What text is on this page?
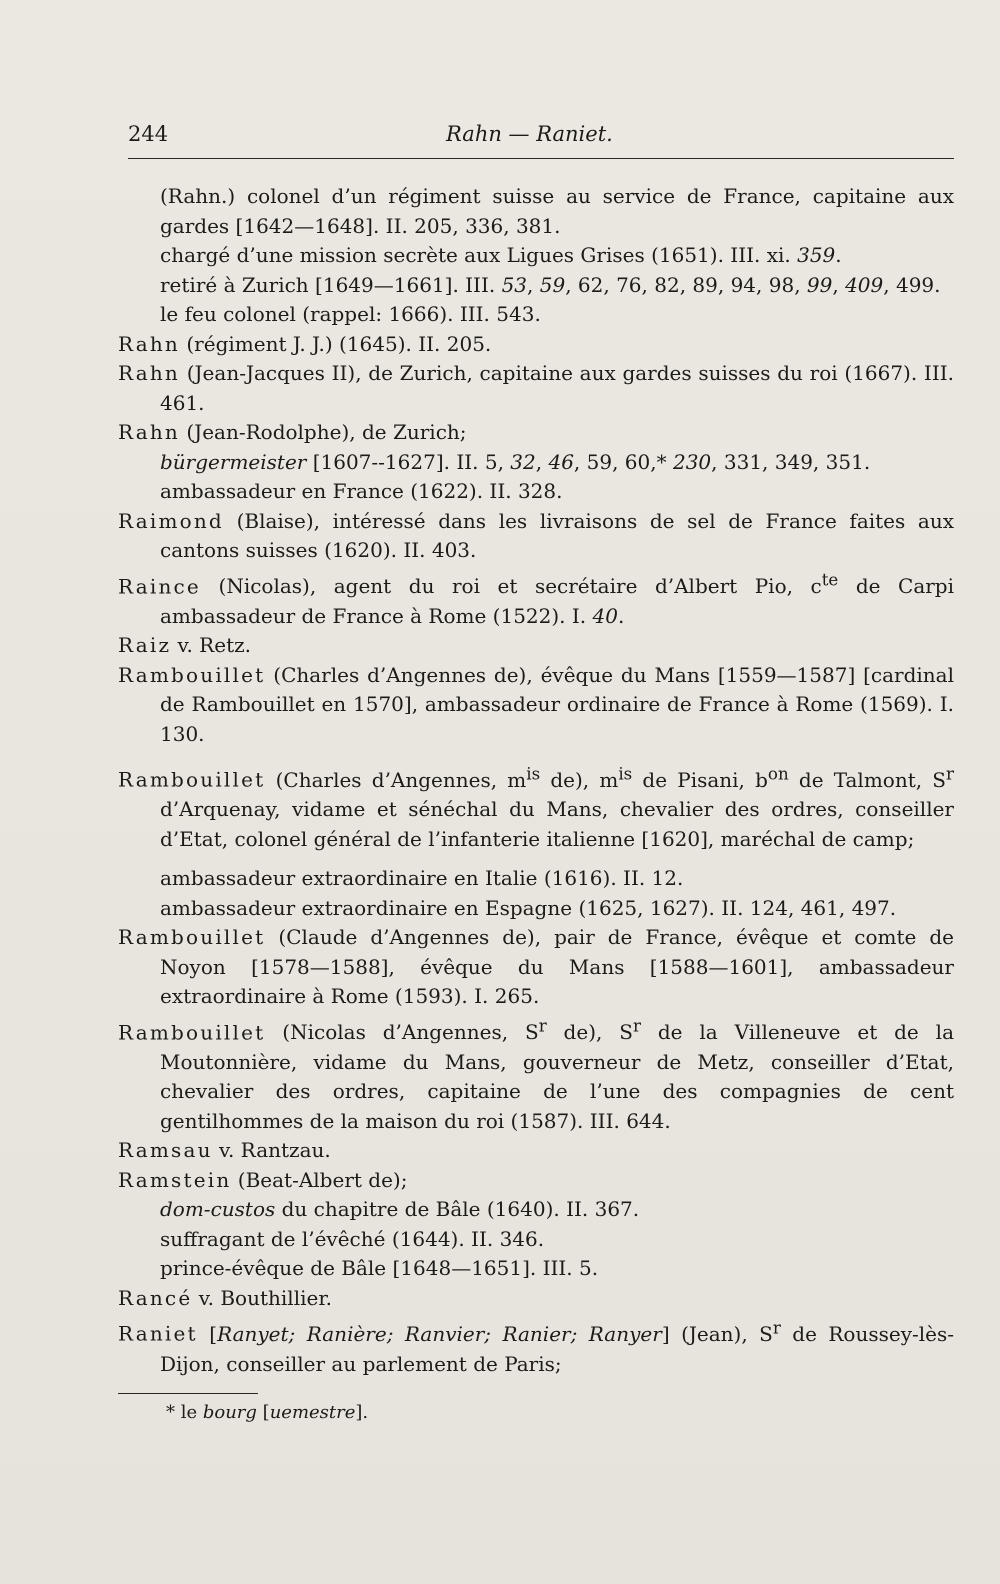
244	Rahn — Raniet.

(Rahn.) colonel d’un régiment suisse au service de France, capitaine aux gardes [1642—1648]. II. 205, 336, 381.

chargé d’une mission secrète aux Ligues Grises (1651). III. xi. 359.

retiré à Zurich [1649—1661]. III. 53, 59, 62, 76, 82, 89, 94, 98, 99, 409, 499.

le feu colonel (rappel: 1666). III. 543.

Rahn (régiment J. J.) (1645). II. 205.

Rahn (Jean-Jacques II), de Zurich, capitaine aux gardes suisses du roi (1667). III. 461.

Rahn (Jean-Rodolphe), de Zurich;

bürgermeister [1607--1627]. II. 5, 32, 46, 59, 60,* 230, 331, 349, 351.

ambassadeur en France (1622). II. 328.

Raimond (Blaise), intéressé dans les livraisons de sel de France faites aux cantons suisses (1620). II. 403.

Raince (Nicolas), agent du roi et secrétaire d’Albert Pio, $c^{te}$ de Carpi ambassadeur de France à Rome (1522). I. 40.

Raiz v. Retz.

Rambouillet (Charles d’Angennes de), évêque du Mans [1559—1587] [cardinal de Rambouillet en 1570], ambassadeur ordinaire de France à Rome (1569). I. 130.

Rambouillet (Charles d’Angennes, $m^{is}$ de), $m^{is}$ de Pisani, $b^{on}$ de Talmont, $S^r$ d’Arquenay, vidame et sénéchal du Mans, chevalier des ordres, conseiller d’Etat, colonel général de l’infanterie italienne [1620], maréchal de camp;

ambassadeur extraordinaire en Italie (1616). II. 12.

ambassadeur extraordinaire en Espagne (1625, 1627). II. 124, 461, 497.

Rambouillet (Claude d’Angennes de), pair de France, évêque et comte de Noyon [1578—1588], évêque du Mans [1588—1601], ambassadeur extraordinaire à Rome (1593). I. 265.

Rambouillet (Nicolas d’Angennes, $S^r$ de), $S^r$ de la Villeneuve et de la Moutonnière, vidame du Mans, gouverneur de Metz, conseiller d’Etat, chevalier des ordres, capitaine de l’une des compagnies de cent gentilhommes de la maison du roi (1587). III. 644.

Ramsau v. Rantzau.

Ramstein (Beat-Albert de);

dom-custos du chapitre de Bâle (1640). II. 367.

suffragant de l’évêché (1644). II. 346.

prince-évêque de Bâle [1648—1651]. III. 5.

Rancé v. Bouthillier.

Raniet [Ranyet; Ranière; Ranvier; Ranier; Ranyer] (Jean), $S^r$ de Roussey-lès-Dijon, conseiller au parlement de Paris;

* le bourg [uemestre].
